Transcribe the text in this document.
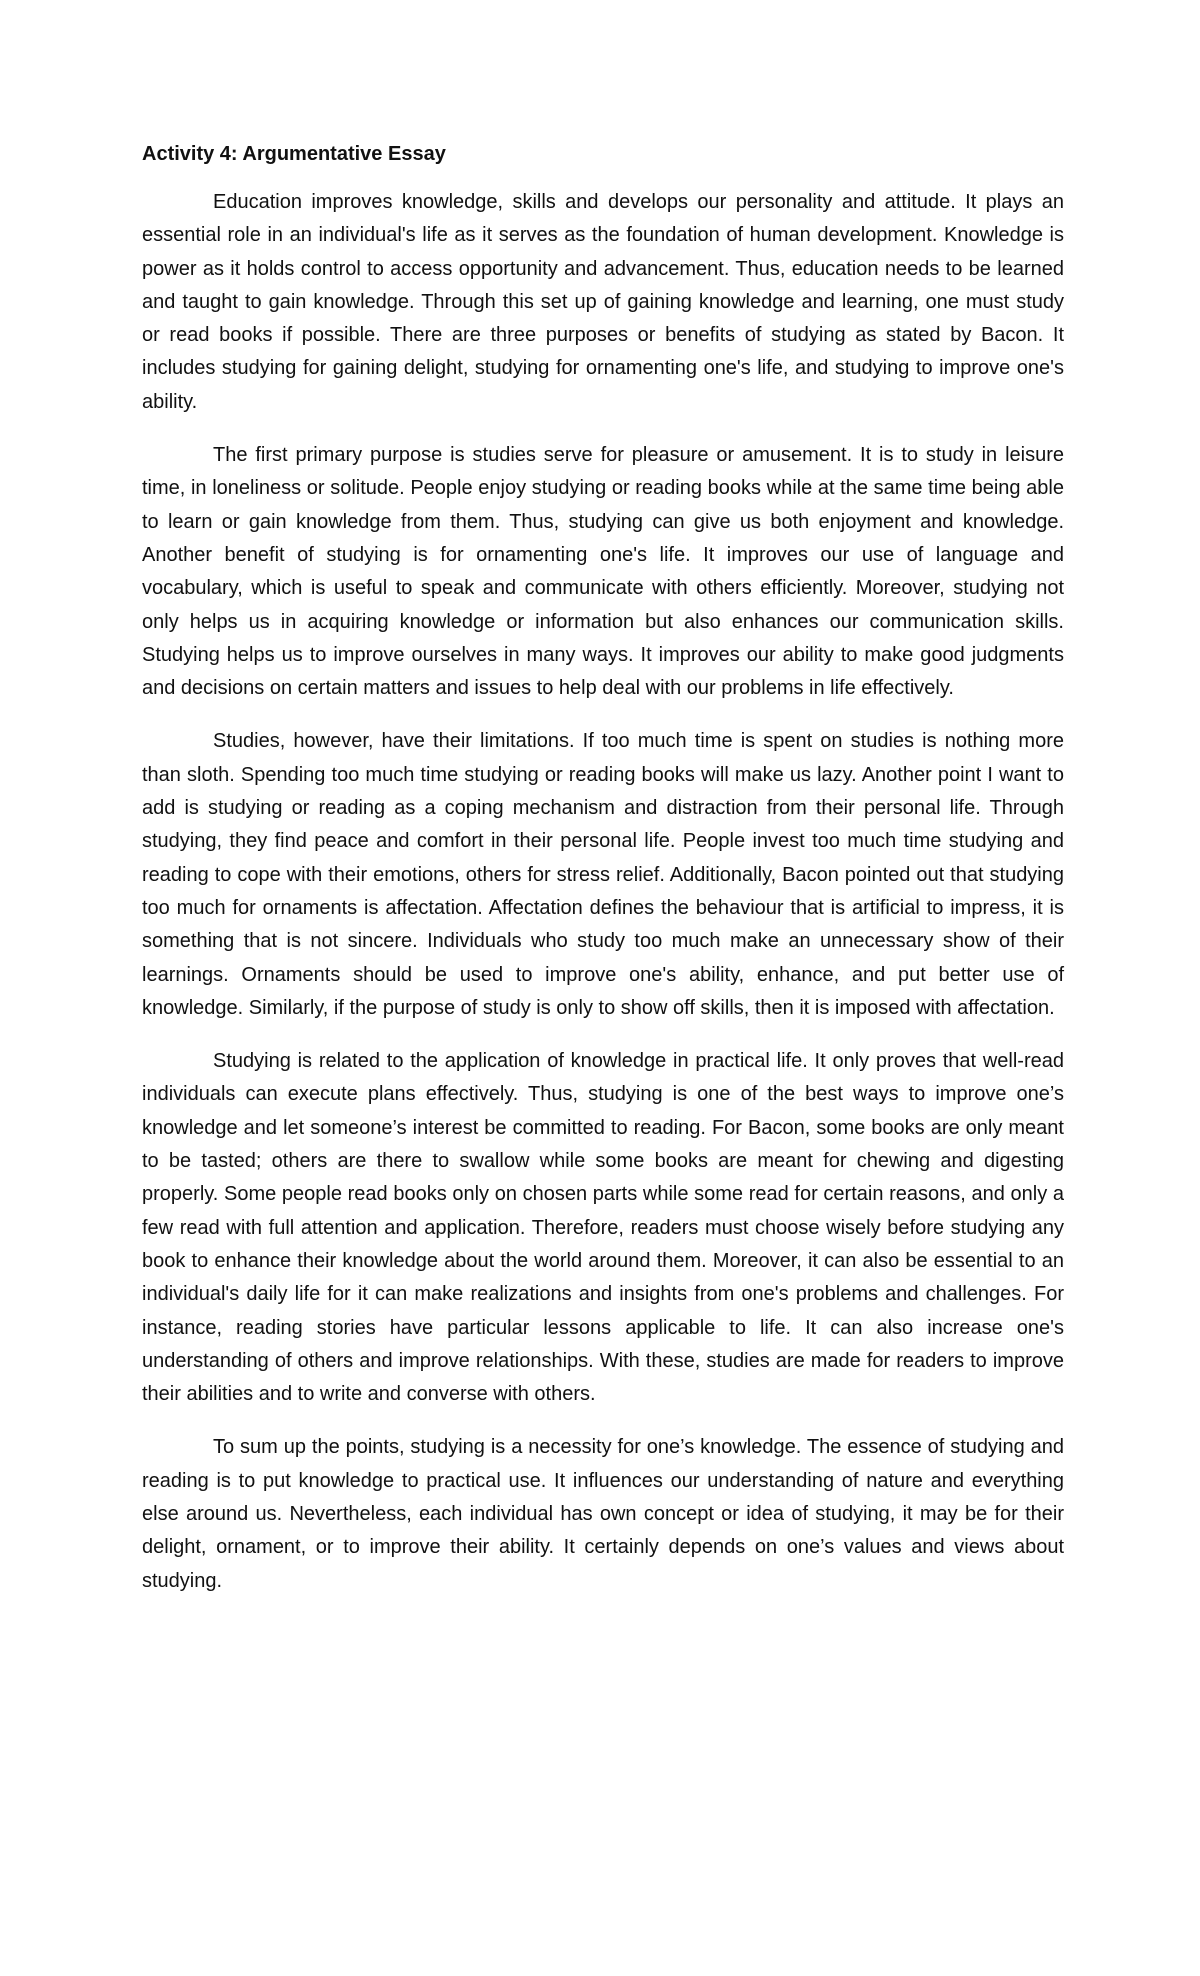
Activity 4: Argumentative Essay

Education improves knowledge, skills and develops our personality and attitude. It plays an essential role in an individual's life as it serves as the foundation of human development. Knowledge is power as it holds control to access opportunity and advancement. Thus, education needs to be learned and taught to gain knowledge. Through this set up of gaining knowledge and learning, one must study or read books if possible. There are three purposes or benefits of studying as stated by Bacon. It includes studying for gaining delight, studying for ornamenting one's life, and studying to improve one's ability.

The first primary purpose is studies serve for pleasure or amusement. It is to study in leisure time, in loneliness or solitude. People enjoy studying or reading books while at the same time being able to learn or gain knowledge from them. Thus, studying can give us both enjoyment and knowledge. Another benefit of studying is for ornamenting one's life. It improves our use of language and vocabulary, which is useful to speak and communicate with others efficiently. Moreover, studying not only helps us in acquiring knowledge or information but also enhances our communication skills. Studying helps us to improve ourselves in many ways. It improves our ability to make good judgments and decisions on certain matters and issues to help deal with our problems in life effectively.

Studies, however, have their limitations. If too much time is spent on studies is nothing more than sloth. Spending too much time studying or reading books will make us lazy. Another point I want to add is studying or reading as a coping mechanism and distraction from their personal life. Through studying, they find peace and comfort in their personal life. People invest too much time studying and reading to cope with their emotions, others for stress relief. Additionally, Bacon pointed out that studying too much for ornaments is affectation. Affectation defines the behaviour that is artificial to impress, it is something that is not sincere. Individuals who study too much make an unnecessary show of their learnings. Ornaments should be used to improve one's ability, enhance, and put better use of knowledge. Similarly, if the purpose of study is only to show off skills, then it is imposed with affectation.

Studying is related to the application of knowledge in practical life. It only proves that well-read individuals can execute plans effectively. Thus, studying is one of the best ways to improve one’s knowledge and let someone’s interest be committed to reading. For Bacon, some books are only meant to be tasted; others are there to swallow while some books are meant for chewing and digesting properly. Some people read books only on chosen parts while some read for certain reasons, and only a few read with full attention and application. Therefore, readers must choose wisely before studying any book to enhance their knowledge about the world around them. Moreover, it can also be essential to an individual's daily life for it can make realizations and insights from one's problems and challenges. For instance, reading stories have particular lessons applicable to life. It can also increase one's understanding of others and improve relationships. With these, studies are made for readers to improve their abilities and to write and converse with others.

To sum up the points, studying is a necessity for one’s knowledge. The essence of studying and reading is to put knowledge to practical use. It influences our understanding of nature and everything else around us. Nevertheless, each individual has own concept or idea of studying, it may be for their delight, ornament, or to improve their ability. It certainly depends on one’s values and views about studying.
